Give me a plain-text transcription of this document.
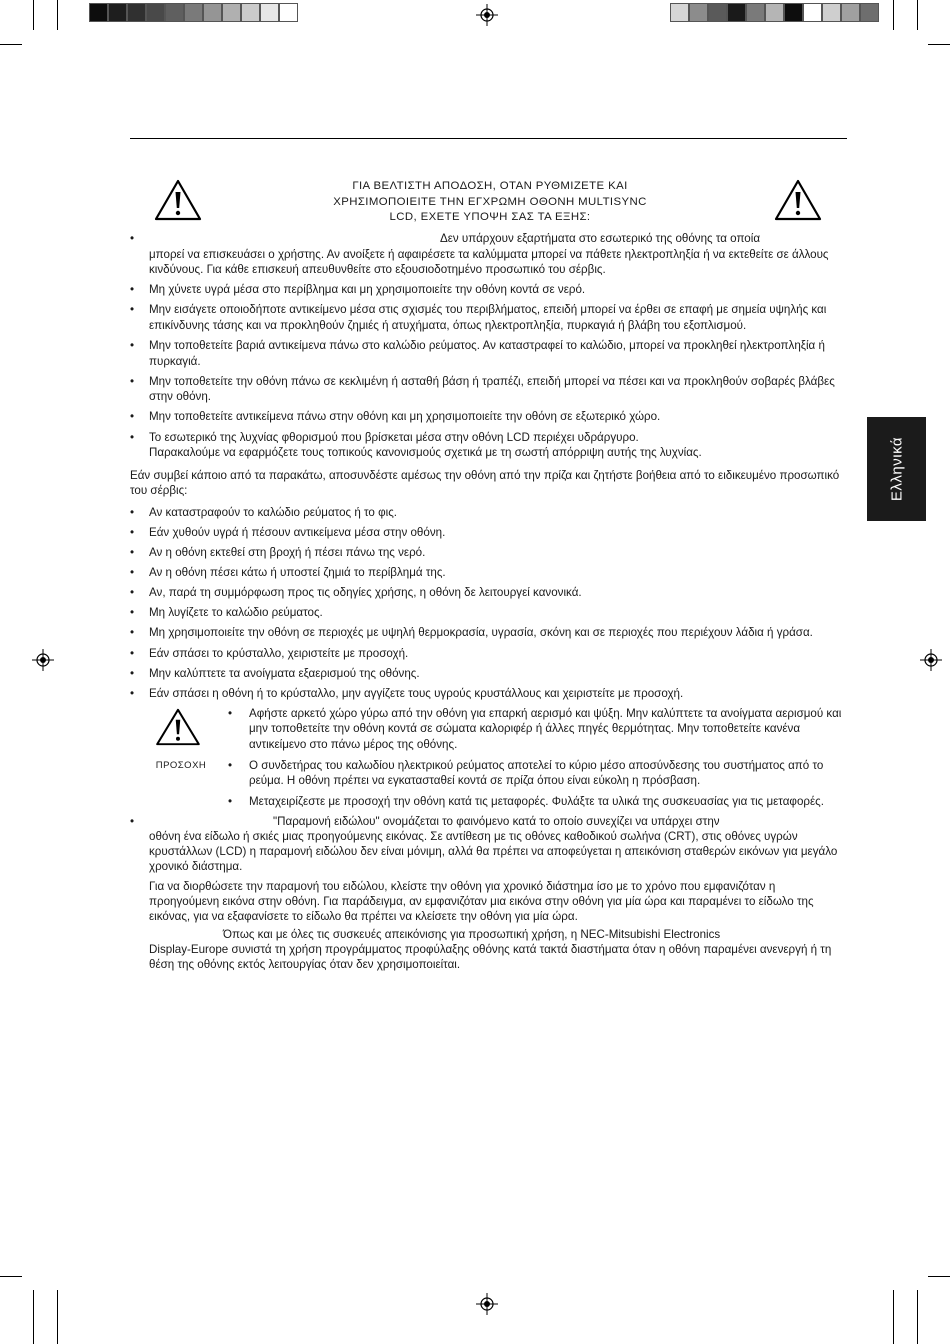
ΓΙΑ ΒΕΛΤΙΣΤΗ ΑΠΟΔΟΣΗ, ΟΤΑΝ ΡΥΘΜΙΖΕΤΕ ΚΑΙ
ΧΡΗΣΙΜΟΠΟΙΕΙΤΕ ΤΗΝ ΕΓΧΡΩΜΗ ΟΘΟΝΗ MULTISYNC
LCD, ΕΧΕΤΕ ΥΠΟΨΗ ΣΑΣ ΤΑ ΕΞΗΣ:
Ελληνικά
•	Δεν υπάρχουν εξαρτήματα στο εσωτερικό της οθόνης τα οποία
μπορεί να επισκευάσει ο χρήστης. Αν ανοίξετε ή αφαιρέσετε τα καλύμματα μπορεί να πάθετε ηλεκτροπληξία ή να εκτεθείτε σε άλλους κινδύνους. Για κάθε επισκευή απευθυνθείτε στο εξουσιοδοτημένο προσωπικό του σέρβις.
• Μη χύνετε υγρά μέσα στο περίβλημα και μη χρησιμοποιείτε την οθόνη κοντά σε νερό.
• Μην εισάγετε οποιοδήποτε αντικείμενο μέσα στις σχισμές του περιβλήματος, επειδή μπορεί να έρθει σε επαφή με σημεία υψηλής και επικίνδυνης τάσης και να προκληθούν ζημιές ή ατυχήματα, όπως ηλεκτροπληξία, πυρκαγιά ή βλάβη του εξοπλισμού.
• Μην τοποθετείτε βαριά αντικείμενα πάνω στο καλώδιο ρεύματος. Αν καταστραφεί το καλώδιο, μπορεί να προκληθεί ηλεκτροπληξία ή πυρκαγιά.
• Μην τοποθετείτε την οθόνη πάνω σε κεκλιμένη ή ασταθή βάση ή τραπέζι, επειδή μπορεί να πέσει και να προκληθούν σοβαρές βλάβες στην οθόνη.
• Μην τοποθετείτε αντικείμενα πάνω στην οθόνη και μη χρησιμοποιείτε την οθόνη σε εξωτερικό χώρο.
• Το εσωτερικό της λυχνίας φθορισμού που βρίσκεται μέσα στην οθόνη LCD περιέχει υδράργυρο.
Παρακαλούμε να εφαρμόζετε τους τοπικούς κανονισμούς σχετικά με τη σωστή απόρριψη αυτής της λυχνίας.
Εάν συμβεί κάποιο από τα παρακάτω, αποσυνδέστε αμέσως την οθόνη από την πρίζα και ζητήστε βοήθεια από το ειδικευμένο προσωπικό του σέρβις:
• Αν καταστραφούν το καλώδιο ρεύματος ή το φις.
• Εάν χυθούν υγρά ή πέσουν αντικείμενα μέσα στην οθόνη.
• Αν η οθόνη εκτεθεί στη βροχή ή πέσει πάνω της νερό.
• Αν η οθόνη πέσει κάτω ή υποστεί ζημιά το περίβλημά της.
• Αν, παρά τη συμμόρφωση προς τις οδηγίες χρήσης, η οθόνη δε λειτουργεί κανονικά.
• Μη λυγίζετε το καλώδιο ρεύματος.
• Μη χρησιμοποιείτε την οθόνη σε περιοχές με υψηλή θερμοκρασία, υγρασία, σκόνη και σε περιοχές που περιέχουν λάδια ή γράσα.
• Εάν σπάσει το κρύσταλλο, χειριστείτε με προσοχή.
• Μην καλύπτετε τα ανοίγματα εξαερισμού της οθόνης.
• Εάν σπάσει η οθόνη ή το κρύσταλλο, μην αγγίζετε τους υγρούς κρυστάλλους και χειριστείτε με προσοχή.
ΠΡΟΣΟΧΗ
• Αφήστε αρκετό χώρο γύρω από την οθόνη για επαρκή αερισμό και ψύξη. Μην καλύπτετε τα ανοίγματα αερισμού και μην τοποθετείτε την οθόνη κοντά σε σώματα καλοριφέρ ή άλλες πηγές θερμότητας. Μην τοποθετείτε κανένα αντικείμενο στο πάνω μέρος της οθόνης.
• Ο συνδετήρας του καλωδίου ηλεκτρικού ρεύματος αποτελεί το κύριο μέσο αποσύνδεσης του συστήματος από το ρεύμα. Η οθόνη πρέπει να εγκατασταθεί κοντά σε πρίζα όπου είναι εύκολη η πρόσβαση.
• Μεταχειρίζεστε με προσοχή την οθόνη κατά τις μεταφορές. Φυλάξτε τα υλικά της συσκευασίας για τις μεταφορές.
•	"Παραμονή ειδώλου" ονομάζεται το φαινόμενο κατά το οποίο συνεχίζει να υπάρχει στην
οθόνη ένα είδωλο ή σκιές μιας προηγούμενης εικόνας. Σε αντίθεση με τις οθόνες καθοδικού σωλήνα (CRT), στις οθόνες υγρών κρυστάλλων (LCD) η παραμονή ειδώλου δεν είναι μόνιμη, αλλά θα πρέπει να αποφεύγεται η απεικόνιση σταθερών εικόνων για μεγάλο χρονικό διάστημα.
Για να διορθώσετε την παραμονή του ειδώλου, κλείστε την οθόνη για χρονικό διάστημα ίσο με το χρόνο που εμφανιζόταν η προηγούμενη εικόνα στην οθόνη. Για παράδειγμα, αν εμφανιζόταν μια εικόνα στην οθόνη για μία ώρα και παραμένει το είδωλο της εικόνας, για να εξαφανίσετε το είδωλο θα πρέπει να κλείσετε την οθόνη για μία ώρα.
Όπως και με όλες τις συσκευές απεικόνισης για προσωπική χρήση, η NEC-Mitsubishi Electronics
Display-Europe συνιστά τη χρήση προγράμματος προφύλαξης οθόνης κατά τακτά διαστήματα όταν η οθόνη παραμένει ανενεργή ή τη θέση της οθόνης εκτός λειτουργίας όταν δεν χρησιμοποιείται.
